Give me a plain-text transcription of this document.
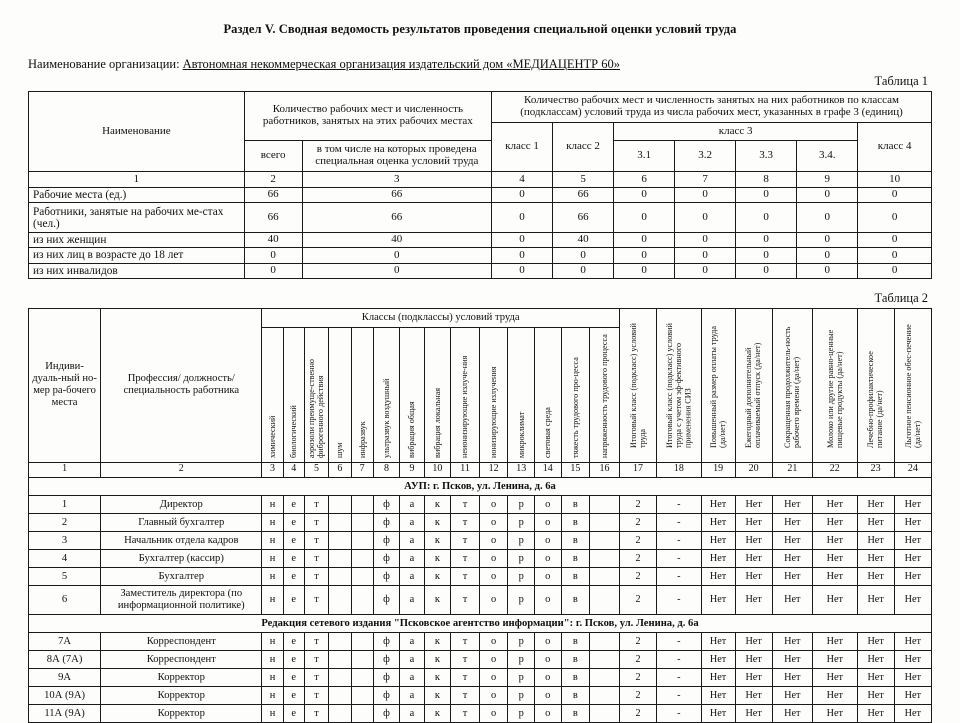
Раздел V. Сводная ведомость результатов проведения специальной оценки условий труда
Наименование организации: Автономная некоммерческая организация издательский дом «МЕДИАЦЕНТР 60»
Таблица 1
Наименование	Количество рабочих мест и численность работников, занятых на этих рабочих местах		Количество рабочих мест и численность занятых на них работников по классам (подклассам) условий труда из числа рабочих мест, указанных в графе 3 (единиц)						
			класс 1	класс 2	класс 3				класс 4
	всего	в том числе на которых проведена специальная оценка условий труда			3.1	3.2	3.3	3.4.	
1	2	3	4	5	6	7	8	9	10
Рабочие места (ед.)	66	66	0	66	0	0	0	0	0
Работники, занятые на рабочих ме-стах (чел.)	66	66	0	66	0	0	0	0	0
из них женщин	40	40	0	40	0	0	0	0	0
из них лиц в возрасте до 18 лет	0	0	0	0	0	0	0	0	0
из них инвалидов	0	0	0	0	0	0	0	0	0
Таблица 2
Индиви-дуаль-ный но-мер ра-бочего места	Профессия/ должность/ специальность работника	Классы (подклассы) условий труда														Итоговый класс (подкласс) условий труда	Итоговый класс (подкласс) условий труда с учетом эф-фективного применения СИЗ	Повышенный размер оплаты труда (да/нет)	Ежегодный дополнительный оплачиваемый отпуск (да/нет)	Сокращенная продолжитель-ность рабочего времени (да/нет)	Молоко или другие равно-ценные пищевые продукты (да/нет)	Лечебно-профилактическое питание (да/нет)	Льготное пенсионное обес-печение (да/нет)

		химический	биологический	аэрозоли преимуще-ственно фиброгенного действия	шум	инфразвук	ультразвук воздушный	вибрация общая	вибрация локальная	неионизирующие излуче-ния	ионизирующие излучения	микроклимат	световая среда	тяжесть трудового про-цесса	напряженность трудового процесса								

1	2	3	4	5	6	7	8	9	10	11	12	13	14	15	16	17	18	19	20	21	22	23	24
АУП: г. Псков, ул. Ленина, д. 6а																							
1	Директор	н	е	т			ф	а	к	т	о	р	о	в		2	-	Нет	Нет	Нет	Нет	Нет	Нет
2	Главный бухгалтер	н	е	т			ф	а	к	т	о	р	о	в		2	-	Нет	Нет	Нет	Нет	Нет	Нет
3	Начальник отдела кадров	н	е	т			ф	а	к	т	о	р	о	в		2	-	Нет	Нет	Нет	Нет	Нет	Нет
4	Бухгалтер (кассир)	н	е	т			ф	а	к	т	о	р	о	в		2	-	Нет	Нет	Нет	Нет	Нет	Нет
5	Бухгалтер	н	е	т			ф	а	к	т	о	р	о	в		2	-	Нет	Нет	Нет	Нет	Нет	Нет
6	Заместитель директора (по информационной политике)	н	е	т			ф	а	к	т	о	р	о	в		2	-	Нет	Нет	Нет	Нет	Нет	Нет
Редакция сетевого издания "Псковское агентство информации": г. Псков, ул. Ленина, д. 6а																							
7А	Корреспондент	н	е	т			ф	а	к	т	о	р	о	в		2	-	Нет	Нет	Нет	Нет	Нет	Нет
8А (7А)	Корреспондент	н	е	т			ф	а	к	т	о	р	о	в		2	-	Нет	Нет	Нет	Нет	Нет	Нет
9А	Корректор	н	е	т			ф	а	к	т	о	р	о	в		2	-	Нет	Нет	Нет	Нет	Нет	Нет
10А (9А)	Корректор	н	е	т			ф	а	к	т	о	р	о	в		2	-	Нет	Нет	Нет	Нет	Нет	Нет
11А (9А)	Корректор	н	е	т			ф	а	к	т	о	р	о	в		2	-	Нет	Нет	Нет	Нет	Нет	Нет
